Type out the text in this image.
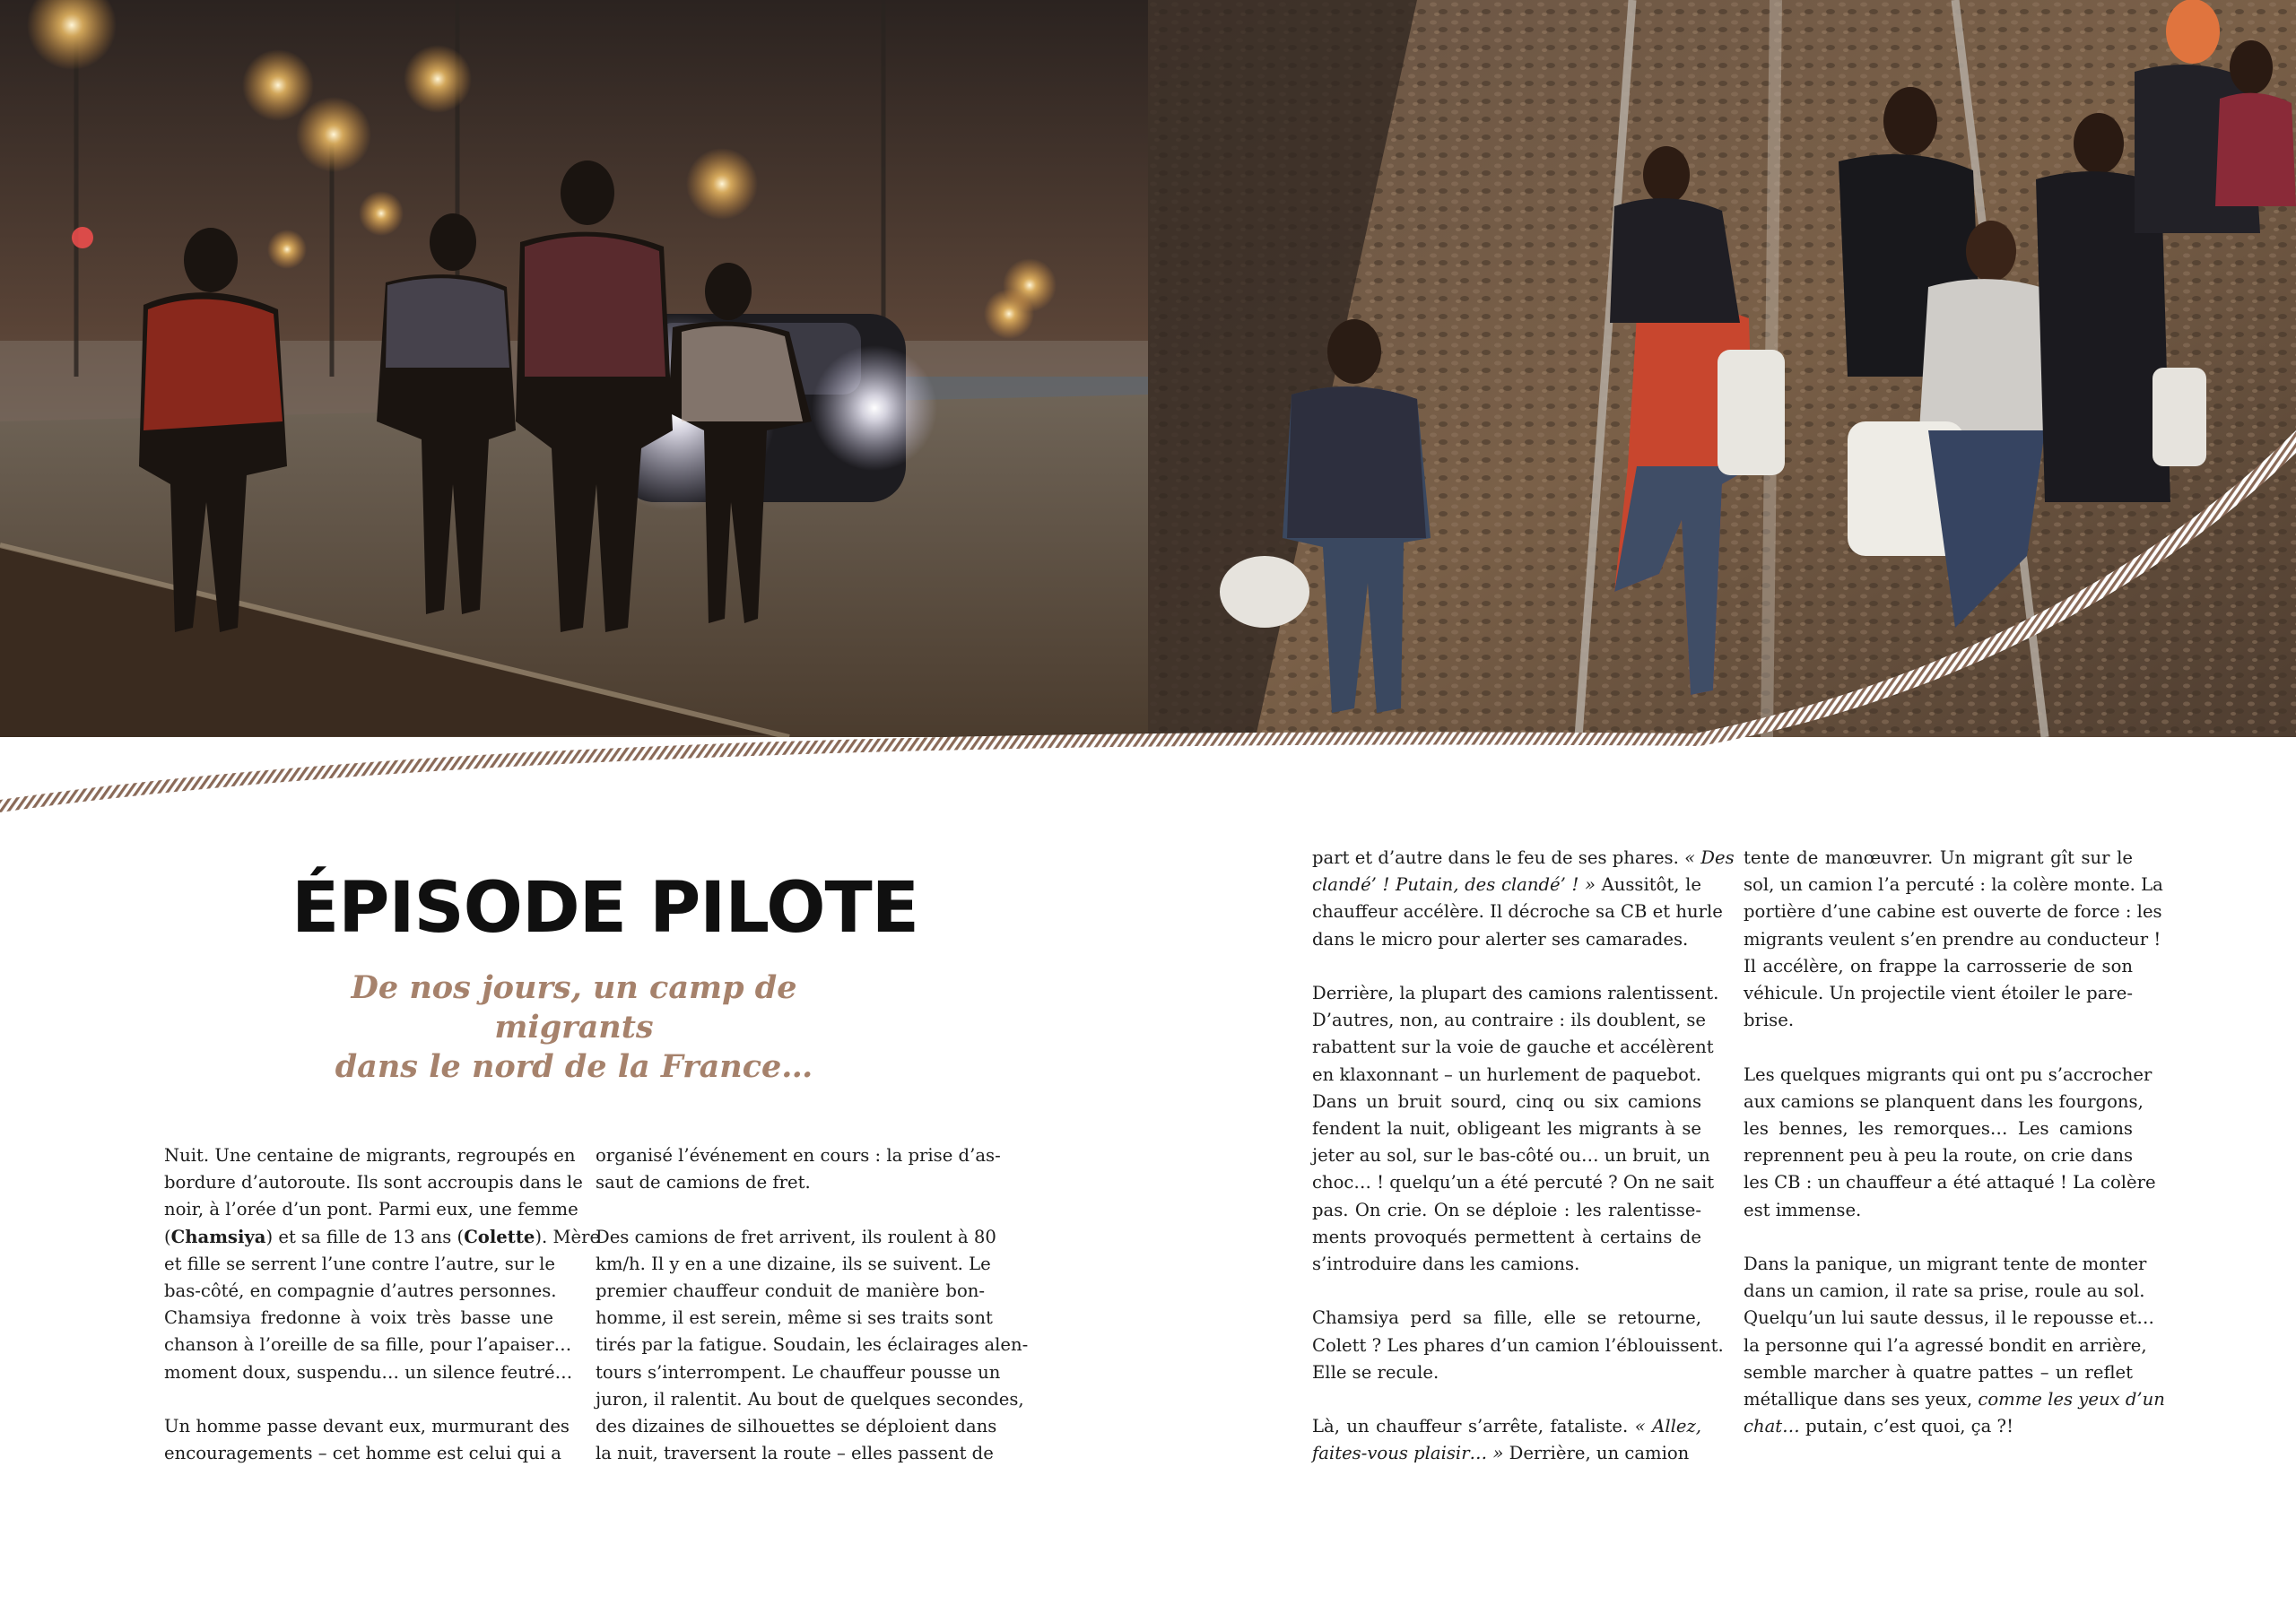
ÉPISODE PILOTE
De nos jours, un camp de migrants
dans le nord de la France…

Nuit. Une centaine de migrants, regroupés en
bordure d’autoroute. Ils sont accroupis dans le
noir, à l’orée d’un pont. Parmi eux, une femme
(Chamsiya) et sa fille de 13 ans (Colette). Mère
et fille se serrent l’une contre l’autre, sur le
bas-côté, en compagnie d’autres personnes.
Chamsiya fredonne à voix très basse une
chanson à l’oreille de sa fille, pour l’apaiser…
moment doux, suspendu… un silence feutré…

Un homme passe devant eux, murmurant des
encouragements – cet homme est celui qui a

organisé l’événement en cours : la prise d’as-
saut de camions de fret.

Des camions de fret arrivent, ils roulent à 80
km/h. Il y en a une dizaine, ils se suivent. Le
premier chauffeur conduit de manière bon-
homme, il est serein, même si ses traits sont
tirés par la fatigue. Soudain, les éclairages alen-
tours s’interrompent. Le chauffeur pousse un
juron, il ralentit. Au bout de quelques secondes,
des dizaines de silhouettes se déploient dans
la nuit, traversent la route – elles passent de

part et d’autre dans le feu de ses phares. « Des
clandé’ ! Putain, des clandé’ ! » Aussitôt, le
chauffeur accélère. Il décroche sa CB et hurle
dans le micro pour alerter ses camarades.

Derrière, la plupart des camions ralentissent.
D’autres, non, au contraire : ils doublent, se
rabattent sur la voie de gauche et accélèrent
en klaxonnant – un hurlement de paquebot.
Dans un bruit sourd, cinq ou six camions
fendent la nuit, obligeant les migrants à se
jeter au sol, sur le bas-côté ou… un bruit, un
choc… ! quelqu’un a été percuté ? On ne sait
pas. On crie. On se déploie : les ralentisse-
ments provoqués permettent à certains de
s’introduire dans les camions.

Chamsiya perd sa fille, elle se retourne,
Colett ? Les phares d’un camion l’éblouissent.
Elle se recule.

Là, un chauffeur s’arrête, fataliste. « Allez,
faites-vous plaisir… » Derrière, un camion

tente de manœuvrer. Un migrant gît sur le
sol, un camion l’a percuté : la colère monte. La
portière d’une cabine est ouverte de force : les
migrants veulent s’en prendre au conducteur !
Il accélère, on frappe la carrosserie de son
véhicule. Un projectile vient étoiler le pare-
brise.

Les quelques migrants qui ont pu s’accrocher
aux camions se planquent dans les fourgons,
les bennes, les remorques… Les camions
reprennent peu à peu la route, on crie dans
les CB : un chauffeur a été attaqué ! La colère
est immense.

Dans la panique, un migrant tente de monter
dans un camion, il rate sa prise, roule au sol.
Quelqu’un lui saute dessus, il le repousse et…
la personne qui l’a agressé bondit en arrière,
semble marcher à quatre pattes – un reflet
métallique dans ses yeux, comme les yeux d’un
chat… putain, c’est quoi, ça ?!
